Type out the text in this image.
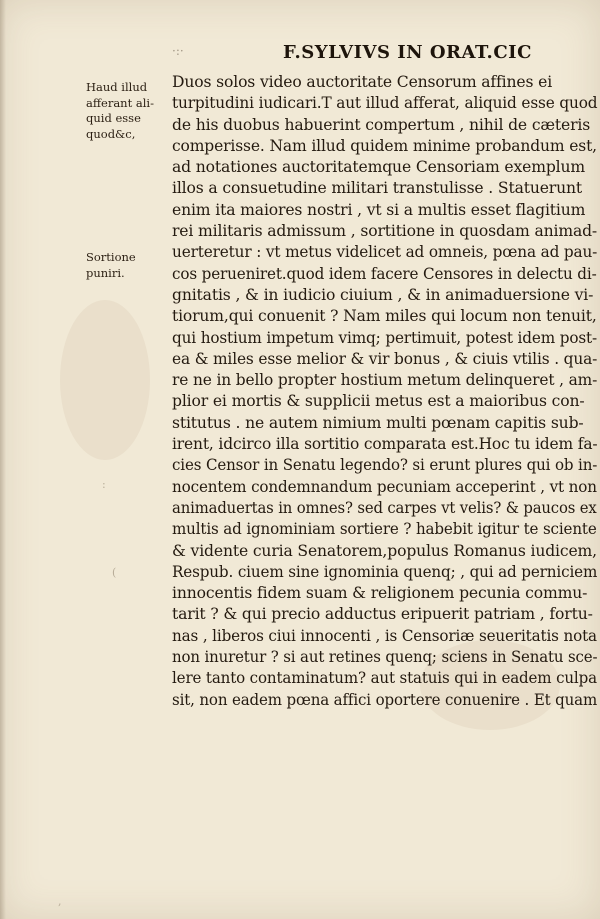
·:·	F.SYLVIVS IN ORAT.CIC
Haud illud
afferant ali-
quid esse
quod&c,
Sortione
puniri.
Duos solos video auctoritate Censorum affines ei
turpitudini iudicari.T aut illud afferat, aliquid esse quod
de his duobus habuerint compertum , nihil de cæteris
comperisse. Nam illud quidem minime probandum est,
ad notationes auctoritatemque Censoriam exemplum
illos a consuetudine militari transtulisse . Statuerunt
enim ita maiores nostri , vt si a multis esset flagitium
rei militaris admissum , sortitione in quosdam animad-
uerteretur : vt metus videlicet ad omneis, pœna ad pau-
cos perueniret.quod idem facere Censores in delectu di-
gnitatis , & in iudicio ciuium , & in animaduersione vi-
tiorum,qui conuenit ? Nam miles qui locum non tenuit,
qui hostium impetum vimq; pertimuit, potest idem post-
ea & miles esse melior & vir bonus , & ciuis vtilis . qua-
re ne in bello propter hostium metum delinqueret , am-
plior ei mortis & supplicii metus est a maioribus con-
stitutus . ne autem nimium multi pœnam capitis sub-
irent, idcirco illa sortitio comparata est.Hoc tu idem fa-
cies Censor in Senatu legendo? si erunt plures qui ob in-
nocentem condemnandum pecuniam acceperint , vt non
animaduertas in omnes? sed carpes vt velis? & paucos ex
multis ad ignominiam sortiere ? habebit igitur te sciente
& vidente curia Senatorem,populus Romanus iudicem,
Respub. ciuem sine ignominia quenq; , qui ad perniciem
innocentis fidem suam & religionem pecunia commu-
tarit ? & qui precio adductus eripuerit patriam , fortu-
nas , liberos ciui innocenti , is Censoriæ seueritatis nota
non inuretur ? si aut retines quenq; sciens in Senatu sce-
lere tanto contaminatum? aut statuis qui in eadem culpa
sit, non eadem pœna affici oportere conuenire . Et quam
:
(
,
